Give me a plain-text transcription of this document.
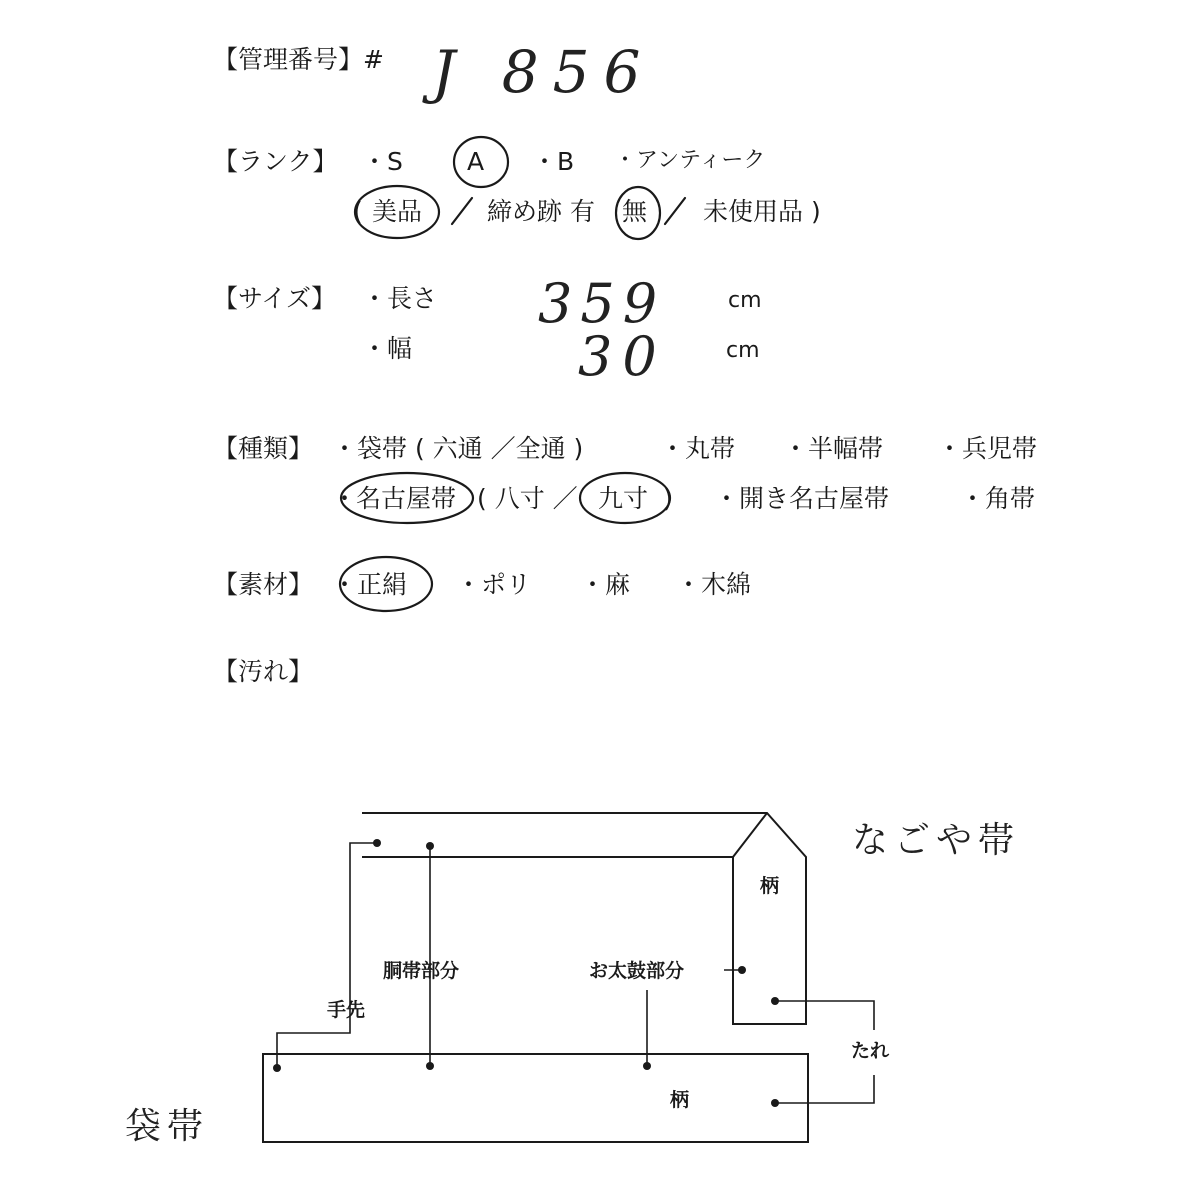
【管理番号】# J 856
【ランク】 ・S	A ・B ・アンティーク
( 美品	締め跡 有 無 未使用品 )
【サイズ】 ・長さ 359	cm
・幅	30	cm
【種類】 ・袋帯 ( 六通 ／全通 )	・丸帯 ・半幅帯 ・兵児帯
・
名古屋帯 ( 八寸 ／ 九寸 ) ・開き名古屋帯	・角帯
【素材】 ・ 正絹 ・ポリ ・麻 ・木綿
【汚れ】
なごや帯
袋帯
柄
柄
胴帯部分	お太鼓部分
手先
たれ
